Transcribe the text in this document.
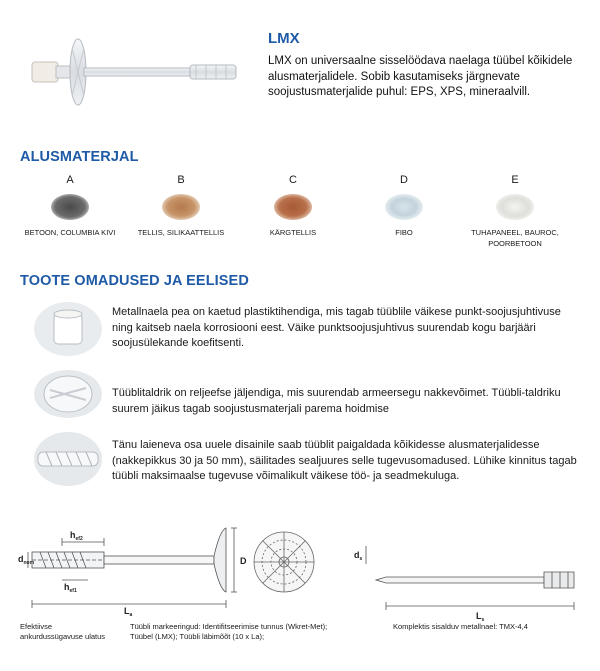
LMX
LMX on universaalne sisselöödava naelaga tüübel kõikidele alusmaterjalidele. Sobib kasutamiseks järgnevate soojustusmaterjalide puhul: EPS, XPS, mineraalvill.
ALUSMATERJAL
A
BETOON, COLUMBIA KIVI
B
TELLIS, SILIKAATTELLIS
C
KÄRGTELLIS
D
FIBO
E
TUHAPANEEL, BAUROC, POORBETOON
TOOTE OMADUSED JA EELISED
Metallnaela pea on kaetud plastiktihendiga, mis tagab tüüblile väikese punkt-soojusjuhtivuse ning kaitseb naela korrosiooni eest. Väike punktsoojusjuhtivus suurendab kogu barjääri soojusülekande koefitsenti.
Tüüblitaldrik on reljeefse jäljendiga, mis suurendab armeersegu nakkevõimet. Tüübli-taldriku suurem jäikus tagab soojustusmaterjali parema hoidmise
Tänu laieneva osa uuele disainile saab tüüblit paigaldada kõikidesse alusmaterjalidesse (nakkepikkus 30 ja 50 mm), säilitades sealjuures selle tugevusomadused. Lühike kinnitus tagab tüübli maksimaalse tugevuse võimalikult väikese töö- ja seadmekuluga.
$d_{nom}$
$h_{ef2}$
$h_{ef1}$
$L_a$
D
$d_s$
$L_s$
Efektiivse ankurdussügavuse ulatus
Tüübli markeeringud: Identifitseerimise tunnus (Wkret-Met); Tüübel (LMX); Tüübli läbimõõt (10 x La);
Komplektis sisalduv metallnael: TMX-4,4
